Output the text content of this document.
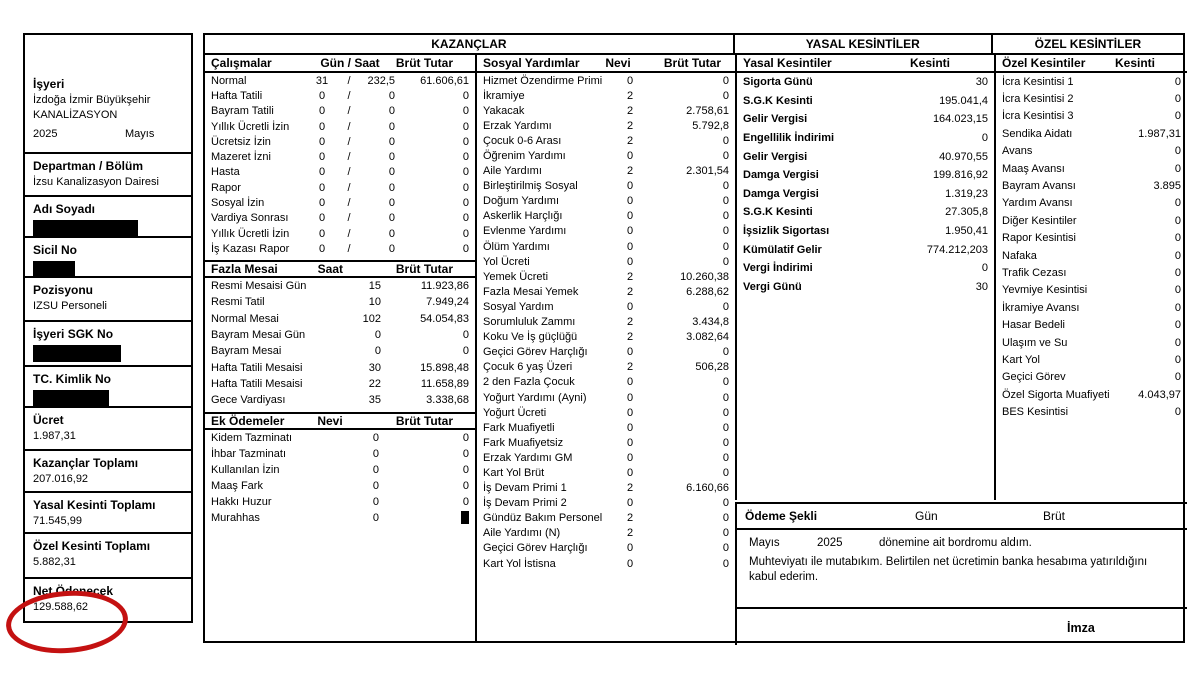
İşyeri
İzdoğa İzmir Büyükşehir
KANALİZASYON
2025	Mayıs
Departman / Bölüm
İzsu Kanalizasyon Dairesi
Adı Soyadı
Sicil No
Pozisyonu
IZSU Personeli
İşyeri SGK No
TC. Kimlik No
Ücret
1.987,31
Kazançlar Toplamı
207.016,92
Yasal Kesinti Toplamı
71.545,99
Özel Kesinti Toplamı
5.882,31
Net Ödenecek
129.588,62
KAZANÇLAR	YASAL KESİNTİLER	ÖZEL KESİNTİLER
Çalışmalar	Gün / Saat	Brüt Tutar
Normal	31	/	232,5	61.606,61
Hafta Tatili	0	/	0	0
Bayram Tatili	0	/	0	0
Yıllık Ücretli İzin	0	/	0	0
Ücretsiz İzin	0	/	0	0
Mazeret İzni	0	/	0	0
Hasta	0	/	0	0
Rapor	0	/	0	0
Sosyal İzin	0	/	0	0
Vardiya Sonrası	0	/	0	0
Yıllık Ücretli İzin	0	/	0	0
İş Kazası Rapor	0	/	0	0
Fazla Mesai	Saat	Brüt Tutar
Resmi Mesaisi Gün	15	11.923,86
Resmi Tatil	10	7.949,24
Normal Mesai	102	54.054,83
Bayram Mesai Gün	0	0
Bayram Mesai	0	0
Hafta Tatili Mesaisi	30	15.898,48
Hafta Tatili Mesaisi	22	11.658,89
Gece Vardiyası	35	3.338,68
Ek Ödemeler	Nevi	Brüt Tutar
Kidem Tazminatı	0	0
İhbar Tazminatı	0	0
Kullanılan İzin	0	0
Maaş Fark	0	0
Hakkı Huzur	0	0
Murahhas	0
Sosyal Yardımlar	Nevi	Brüt Tutar
Hizmet Özendirme Primi	0	0
İkramiye	2	0
Yakacak	2	2.758,61
Erzak Yardımı	2	5.792,8
Çocuk 0-6 Arası	2	0
Öğrenim Yardımı	0	0
Aile Yardımı	2	2.301,54
Birleştirilmiş Sosyal	0	0
Doğum Yardımı	0	0
Askerlik Harçlığı	0	0
Evlenme Yardımı	0	0
Ölüm Yardımı	0	0
Yol Ücreti	0	0
Yemek Ücreti	2	10.260,38
Fazla Mesai Yemek	2	6.288,62
Sosyal Yardım	0	0
Sorumluluk Zammı	2	3.434,8
Koku Ve İş güçlüğü	2	3.082,64
Geçici Görev Harçlığı	0	0
Çocuk 6 yaş Üzeri	2	506,28
2 den Fazla Çocuk	0	0
Yoğurt Yardımı (Ayni)	0	0
Yoğurt Ücreti	0	0
Fark Muafiyetli	0	0
Fark Muafiyetsiz	0	0
Erzak Yardımı GM	0	0
Kart Yol Brüt	0	0
İş Devam Primi 1	2	6.160,66
İş Devam Primi 2	0	0
Gündüz Bakım Personel	2	0
Aile Yardımı (N)	2	0
Geçici Görev Harçlığı	0	0
Kart Yol İstisna	0	0
Yasal Kesintiler	Kesinti
Sigorta Günü	30
S.G.K Kesinti	195.041,4
Gelir Vergisi	164.023,15
Engellilik İndirimi	0
Gelir Vergisi	40.970,55
Damga Vergisi	199.816,92
Damga Vergisi	1.319,23
S.G.K Kesinti	27.305,8
İşsizlik Sigortası	1.950,41
Kümülatif Gelir	774.212,203
Vergi İndirimi	0
Vergi Günü	30
Özel Kesintiler	Kesinti
İcra Kesintisi 1	0
İcra Kesintisi 2	0
İcra Kesintisi 3	0
Sendika Aidatı	1.987,31
Avans	0
Maaş Avansı	0
Bayram Avansı	3.895
Yardım Avansı	0
Diğer Kesintiler	0
Rapor Kesintisi	0
Nafaka	0
Trafik Cezası	0
Yevmiye Kesintisi	0
İkramiye Avansı	0
Hasar Bedeli	0
Ulaşım ve Su	0
Kart Yol	0
Geçici Görev	0
Özel Sigorta Muafiyeti	4.043,97
BES Kesintisi	0
Ödeme Şekli	Gün	Brüt
Mayıs	2025	dönemine ait bordromu aldım.
Muhteviyatı ile mutabıkım. Belirtilen net ücretimin banka hesabıma yatırıldığını kabul ederim.
İmza
